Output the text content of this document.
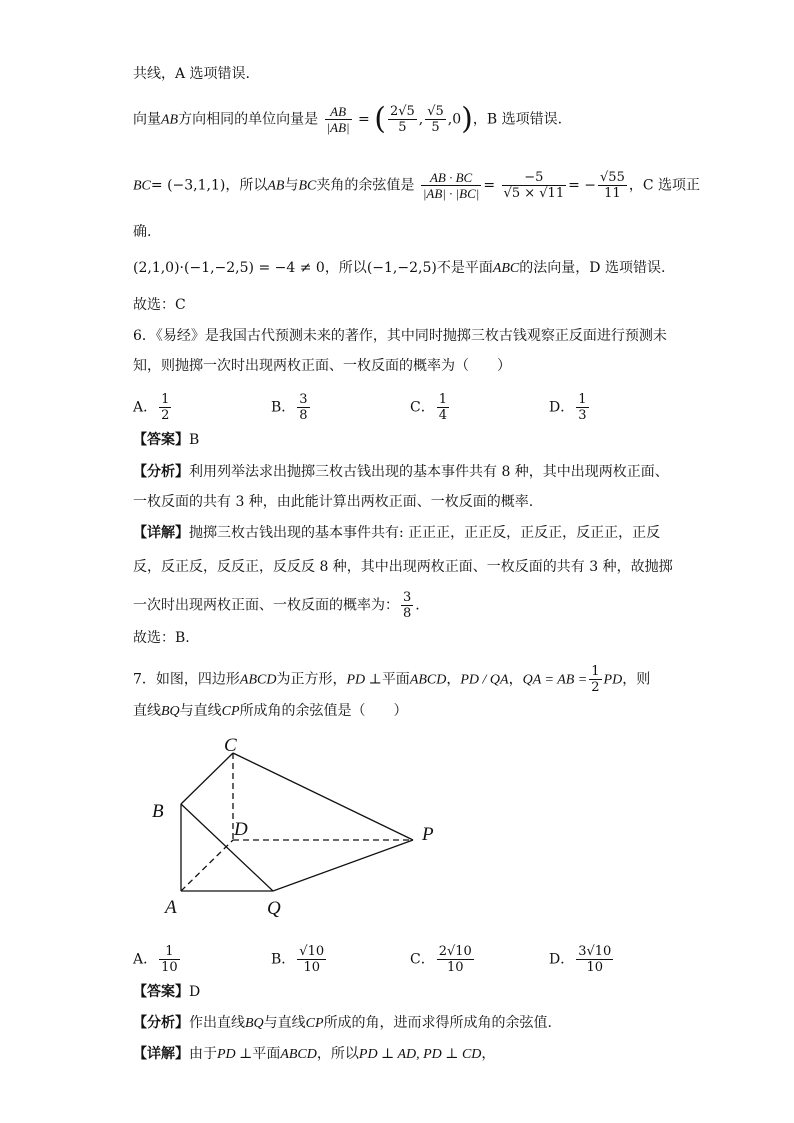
共线，A 选项错误.
向量AB方向相同的单位向量是 $\frac{AB}{|AB|}$ = ( $\frac{2√5}{5}$ , $\frac{√5}{5} ,0$)，B 选项错误.
BC= (−3,1,1)，所以AB与BC夹角的余弦值是 $\frac{AB \cdot BC}{|AB| \cdot |BC|} = \frac{-5}{√5 \times √11}$ = − $\frac{√55}{11}$ ，C 选项正
确.
(2,1,0)·(−1,−2,5) = −4 ≠ 0，所以(−1,−2,5)不是平面ABC的法向量，D 选项错误.
故选：C
6．《易经》是我国古代预测未来的著作，其中同时抛掷三枚古钱观察正反面进行预测未
知，则抛掷一次时出现两枚正面、一枚反面的概率为（　　）
A． $\frac{1}{2}$	B． $\frac{3}{8}$	C． $\frac{1}{4}$	D． $\frac{1}{3}$
【答案】B
【分析】利用列举法求出抛掷三枚古钱出现的基本事件共有 8 种，其中出现两枚正面、
一枚反面的共有 3 种，由此能计算出两枚正面、一枚反面的概率.
【详解】抛掷三枚古钱出现的基本事件共有: 正正正，正正反，正反正，反正正，正反
反，反正反，反反正，反反反 8 种，其中出现两枚正面、一枚反面的共有 3 种，故抛掷
一次时出现两枚正面、一枚反面的概率为： $\frac{3}{8}$ .
故选：B.
7．如图，四边形ABCD为正方形，PD ⊥平面ABCD，PD / QA，QA = AB = $\frac{1}{2}$ PD，则
直线BQ与直线CP所成角的余弦值是（　　）
C
B
D	P
A	Q
A． $\frac{1}{10}$	B． $\frac{√10}{10}$	C． $\frac{2√10}{10}$	D． $\frac{3√10}{10}$
【答案】D
【分析】作出直线BQ与直线CP所成的角，进而求得所成角的余弦值.
【详解】由于PD ⊥平面ABCD，所以PD ⊥ AD, PD ⊥ CD，
